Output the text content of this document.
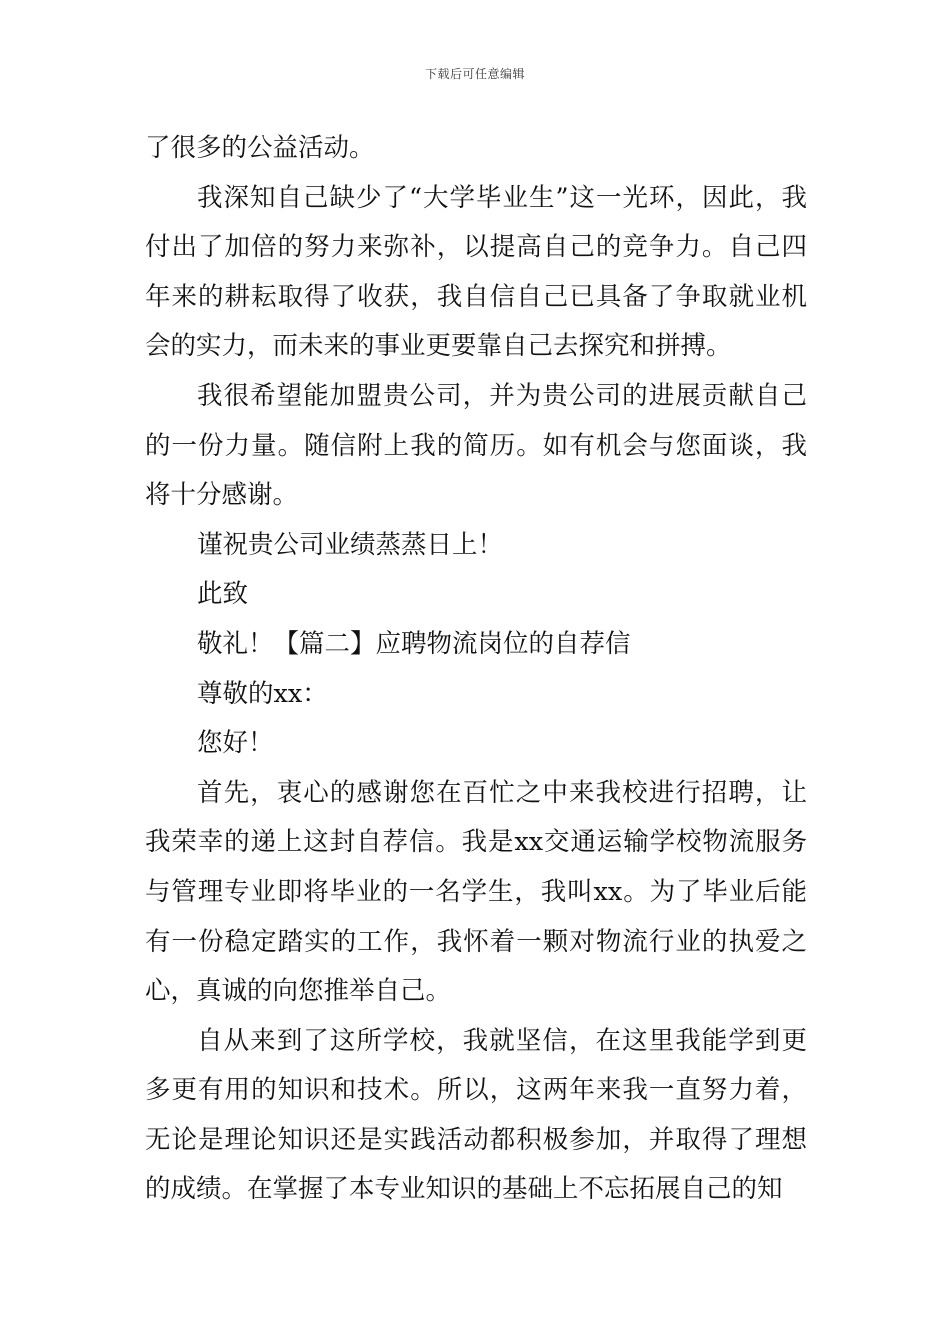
下载后可任意编辑

了很多的公益活动。

我深知自己缺少了“大学毕业生”这一光环，因此，我付出了加倍的努力来弥补，以提高自己的竞争力。自己四年来的耕耘取得了收获，我自信自己已具备了争取就业机会的实力，而未来的事业更要靠自己去探究和拼搏。

我很希望能加盟贵公司，并为贵公司的进展贡献自己的一份力量。随信附上我的简历。如有机会与您面谈，我将十分感谢。

谨祝贵公司业绩蒸蒸日上！

此致

敬礼！【篇二】应聘物流岗位的自荐信

尊敬的xx：

您好！

首先，衷心的感谢您在百忙之中来我校进行招聘，让我荣幸的递上这封自荐信。我是xx交通运输学校物流服务与管理专业即将毕业的一名学生，我叫xx。为了毕业后能有一份稳定踏实的工作，我怀着一颗对物流行业的执爱之心，真诚的向您推举自己。

自从来到了这所学校，我就坚信，在这里我能学到更多更有用的知识和技术。所以，这两年来我一直努力着，无论是理论知识还是实践活动都积极参加，并取得了理想的成绩。在掌握了本专业知识的基础上不忘拓展自己的知
